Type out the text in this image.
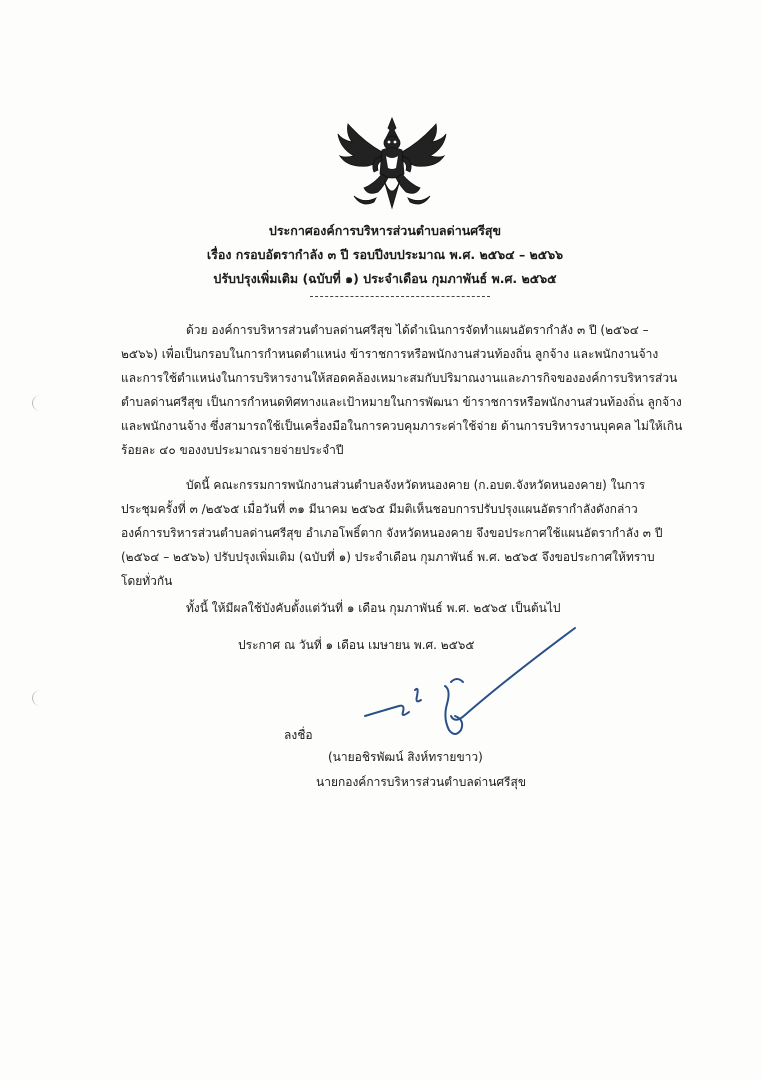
ประกาศองค์การบริหารส่วนตำบลด่านศรีสุข
เรื่อง กรอบอัตรากำลัง ๓ ปี รอบปีงบประมาณ พ.ศ. ๒๕๖๔ – ๒๕๖๖
ปรับปรุงเพิ่มเติม (ฉบับที่ ๑) ประจำเดือน กุมภาพันธ์ พ.ศ. ๒๕๖๕
ด้วย องค์การบริหารส่วนตำบลด่านศรีสุข ได้ดำเนินการจัดทำแผนอัตรากำลัง ๓ ปี (๒๕๖๔ –
๒๕๖๖) เพื่อเป็นกรอบในการกำหนดตำแหน่ง ข้าราชการหรือพนักงานส่วนท้องถิ่น ลูกจ้าง และพนักงานจ้าง
และการใช้ตำแหน่งในการบริหารงานให้สอดคล้องเหมาะสมกับปริมาณงานและภารกิจขององค์การบริหารส่วน
ตำบลด่านศรีสุข เป็นการกำหนดทิศทางและเป้าหมายในการพัฒนา ข้าราชการหรือพนักงานส่วนท้องถิ่น ลูกจ้าง
และพนักงานจ้าง ซึ่งสามารถใช้เป็นเครื่องมือในการควบคุมภาระค่าใช้จ่าย ด้านการบริหารงานบุคคล ไม่ให้เกิน
ร้อยละ ๔๐ ของงบประมาณรายจ่ายประจำปี
บัดนี้ คณะกรรมการพนักงานส่วนตำบลจังหวัดหนองคาย (ก.อบต.จังหวัดหนองคาย) ในการ
ประชุมครั้งที่ ๓ /๒๕๖๕ เมื่อวันที่ ๓๑ มีนาคม ๒๕๖๕ มีมติเห็นชอบการปรับปรุงแผนอัตรากำลังดังกล่าว
องค์การบริหารส่วนตำบลด่านศรีสุข อำเภอโพธิ์ตาก จังหวัดหนองคาย จึงขอประกาศใช้แผนอัตรากำลัง ๓ ปี
(๒๕๖๔ – ๒๕๖๖) ปรับปรุงเพิ่มเติม (ฉบับที่ ๑) ประจำเดือน กุมภาพันธ์ พ.ศ. ๒๕๖๕ จึงขอประกาศให้ทราบ
โดยทั่วกัน
ทั้งนี้ ให้มีผลใช้บังคับตั้งแต่วันที่ ๑ เดือน กุมภาพันธ์ พ.ศ. ๒๕๖๕ เป็นต้นไป
ประกาศ ณ วันที่ ๑ เดือน เมษายน พ.ศ. ๒๕๖๕
ลงชื่อ
(นายอชิรพัฒน์ สิงห์ทรายขาว)
นายกองค์การบริหารส่วนตำบลด่านศรีสุข
